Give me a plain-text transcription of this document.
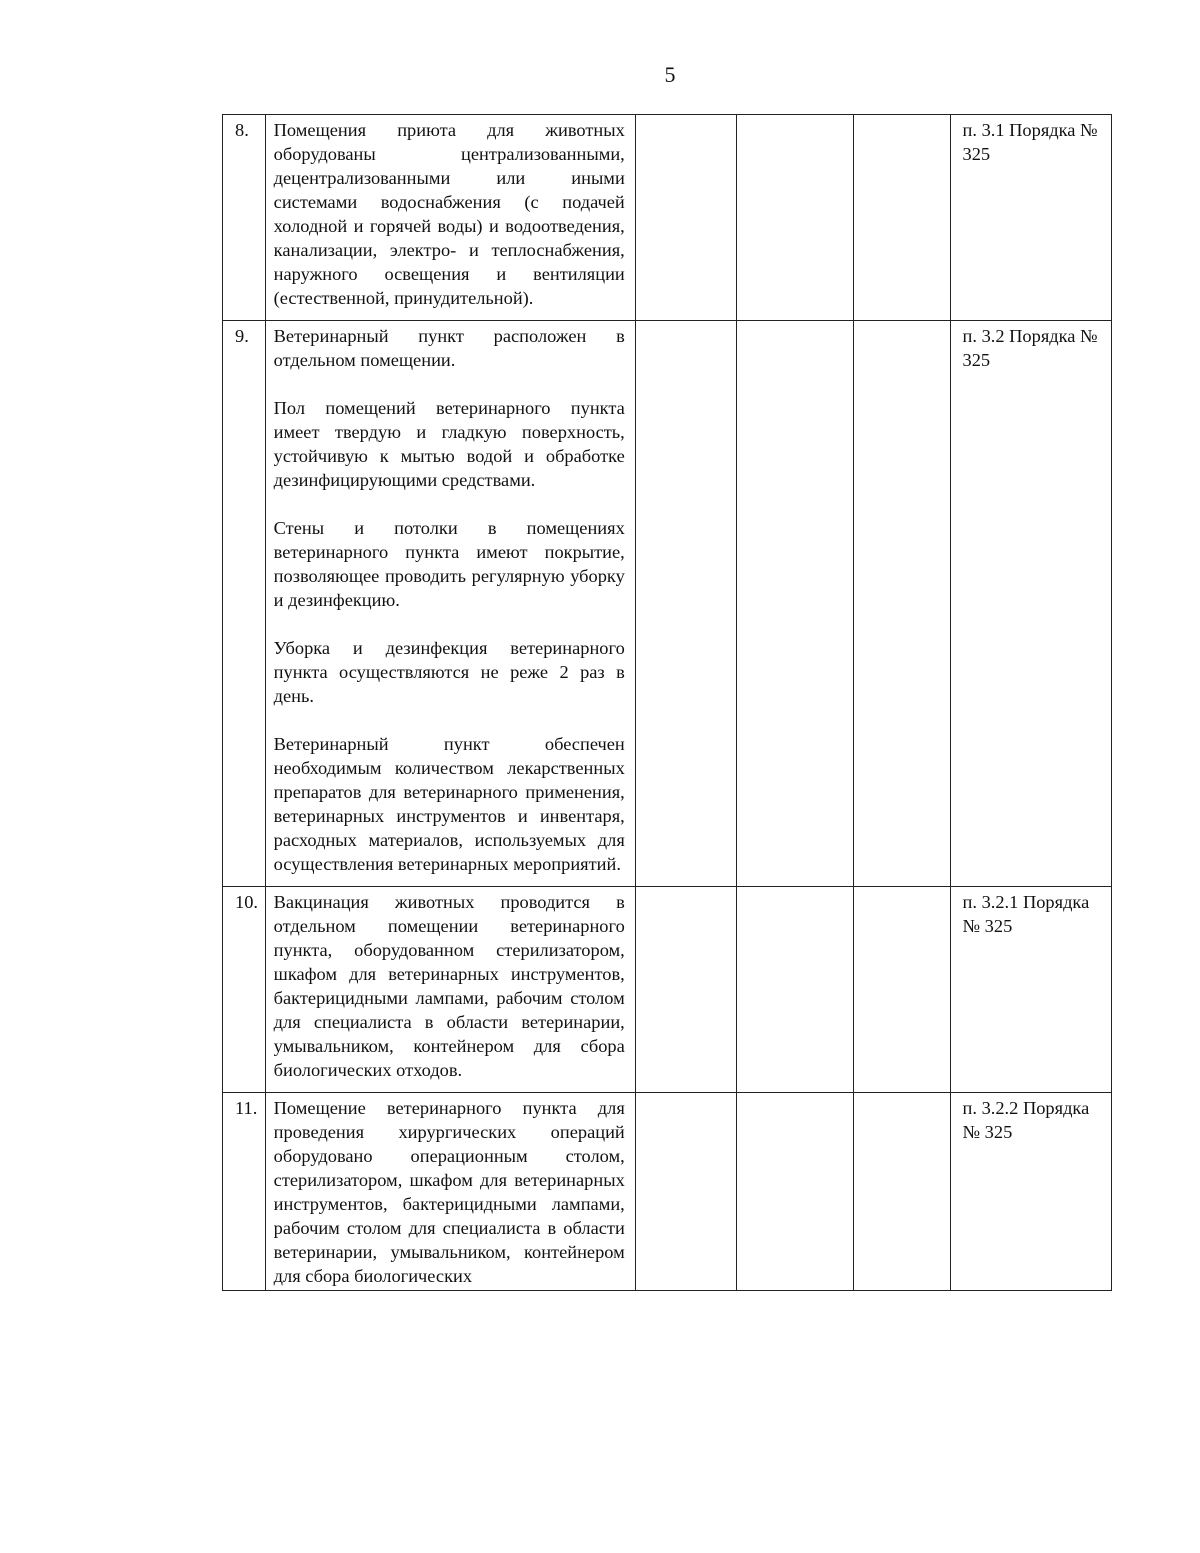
5
8.	Помещения приюта для животных оборудованы централизованными, децентрализованными или иными системами водоснабжения (с подачей холодной и горячей воды) и водоотведения, канализации, электро- и теплоснабжения, наружного освещения и вентиляции (естественной, принудительной).				п. 3.1 Порядка № 325
9.	Ветеринарный пункт расположен в отдельном помещении.

Пол помещений ветеринарного пункта имеет твердую и гладкую поверхность, устойчивую к мытью водой и обработке дезинфицирующими средствами.

Стены и потолки в помещениях ветеринарного пункта имеют покрытие, позволяющее проводить регулярную уборку и дезинфекцию.

Уборка и дезинфекция ветеринарного пункта осуществляются не реже 2 раз в день.

Ветеринарный пункт обеспечен необходимым количеством лекарственных препаратов для ветеринарного применения, ветеринарных инструментов и инвентаря, расходных материалов, используемых для осуществления ветеринарных мероприятий.				п. 3.2 Порядка № 325
10.	Вакцинация животных проводится в отдельном помещении ветеринарного пункта, оборудованном стерилизатором, шкафом для ветеринарных инструментов, бактерицидными лампами, рабочим столом для специалиста в области ветеринарии, умывальником, контейнером для сбора биологических отходов.				п. 3.2.1 Порядка № 325
11.	Помещение ветеринарного пункта для проведения хирургических операций оборудовано операционным столом, стерилизатором, шкафом для ветеринарных инструментов, бактерицидными лампами, рабочим столом для специалиста в области ветеринарии, умывальником, контейнером для сбора биологических				п. 3.2.2 Порядка № 325
